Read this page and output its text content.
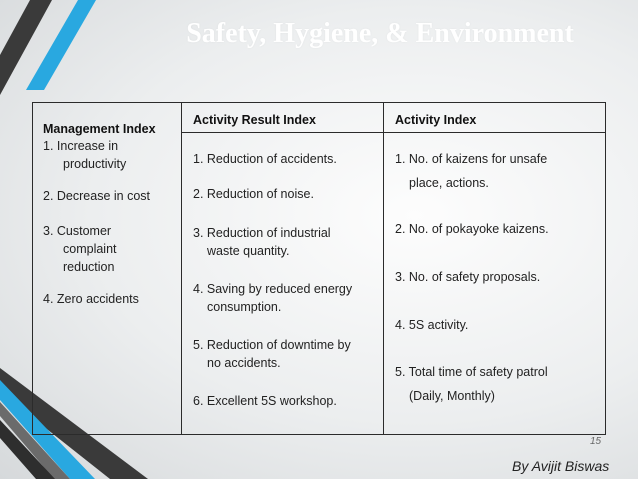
Safety, Hygiene, & Environment
Management Index
Activity Result Index	Activity Index
1. Increase in
productivity
2. Decrease in cost
3. Customer
complaint
reduction
4. Zero accidents
1. Reduction of accidents.
2. Reduction of noise.
3. Reduction of industrial
waste quantity.
4. Saving by reduced energy
consumption.
5. Reduction of downtime by
no accidents.
6. Excellent 5S workshop.
1. No. of kaizens for unsafe
place, actions.
2. No. of pokayoke kaizens.
3. No. of safety proposals.
4. 5S activity.
5. Total time of safety patrol
(Daily, Monthly)
15
By Avijit Biswas
